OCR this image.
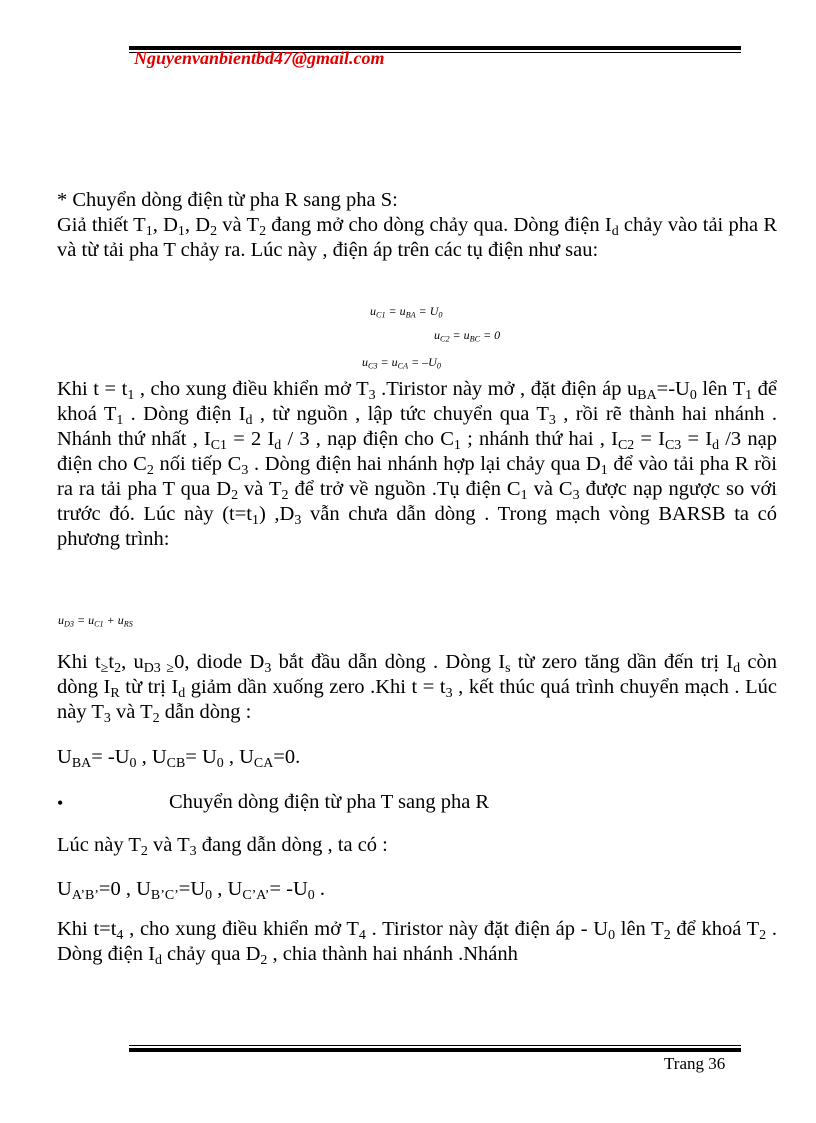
Nguyenvanbientbd47@gmail.com

* Chuyển dòng điện từ pha R sang pha S:

Giả thiết $T_1$, $D_1$, $D_2$ và $T_2$ đang mở cho dòng chảy qua. Dòng điện $I_d$ chảy vào tải pha R và từ tải pha T chảy ra. Lúc này , điện áp trên các tụ điện như sau:

$u_{C1} = u_{BA} = U_0$
$u_{C2} = u_{BC} = 0$
$u_{C3} = u_{CA} = -U_0$

Khi $t = t_1$ , cho xung điều khiển mở $T_3$ .Tiristor này mở , đặt điện áp $u_{BA}=-U_0$ lên $T_1$ để khoá $T_1$ . Dòng điện $I_d$ , từ nguồn , lập tức chuyển qua $T_3$ , rồi rẽ thành hai nhánh . Nhánh thứ nhất , $I_{C1} = 2$ $I_d / 3$ , nạp điện cho $C_1$ ; nhánh thứ hai , $I_{C2} = I_{C3} = I_d$ /3 nạp điện cho $C_2$ nối tiếp $C_3$ . Dòng điện hai nhánh hợp lại chảy qua $D_1$ để vào tải pha R rồi ra ra tải pha T qua $D_2$ và $T_2$ để trở về nguồn .Tụ điện $C_1$ và $C_3$ được nạp ngược so với trước đó. Lúc này $(t=t_1)$ $,D_3$ vẫn chưa dẫn dòng . Trong mạch vòng BARSB ta có phương trình:

$u_{D3} = u_{C1} + u_{RS}$

Khi $t_\ge t_2$, $u_{D3 \ge}0$, diode $D_3$ bắt đầu dẫn dòng . Dòng $I_s$ từ zero tăng dần đến trị $I_d$ còn dòng $I_R$ từ trị $I_d$ giảm dần xuống zero .Khi $t = t_3$ , kết thúc quá trình chuyển mạch . Lúc này $T_3$ và $T_2$ dẫn dòng :

$U_{BA}= -U_0$ , $U_{CB}= U_0$ , $U_{CA}=0$.

•	Chuyển dòng điện từ pha T sang pha R

Lúc này $T_2$ và $T_3$ đang dẫn dòng , ta có :

$U_{A’B’}=0$ , $U_{B’C’}=U_0$ , $U_{C’A’}= -U_0$ .

Khi $t=t_4$ , cho xung điều khiển mở $T_4$ . Tiristor này đặt điện áp - $U_0$ lên $T_2$ để khoá $T_2$ . Dòng điện $I_d$ chảy qua $D_2$ , chia thành hai nhánh .Nhánh

Trang 36
